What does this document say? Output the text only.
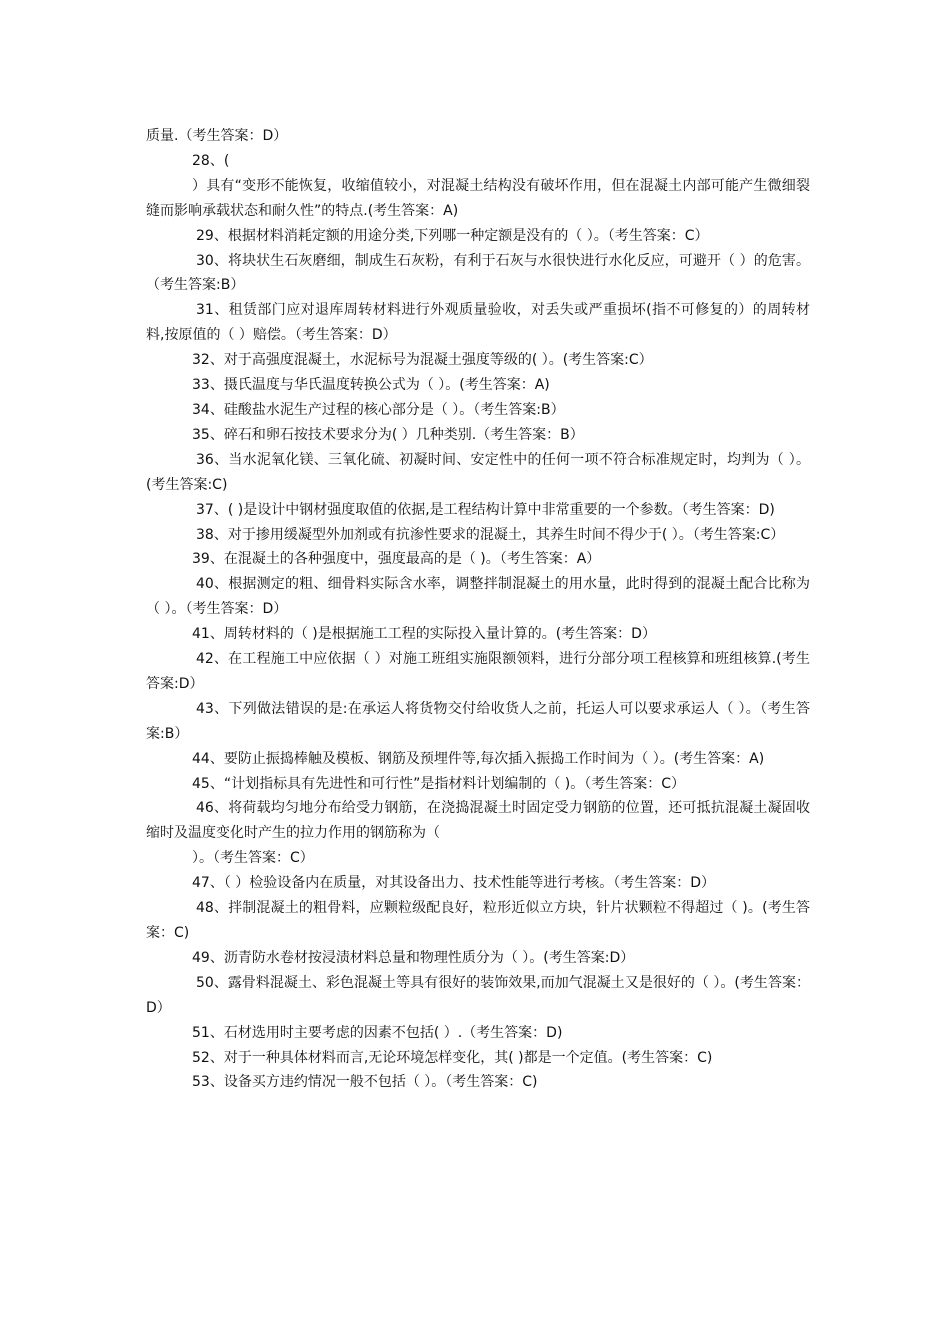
质量.（考生答案：D）

28、(

）具有“变形不能恢复，收缩值较小，对混凝土结构没有破坏作用，但在混凝土内部可能产生微细裂缝而影响承载状态和耐久性”的特点.(考生答案：A)

29、根据材料消耗定额的用途分类,下列哪一种定额是没有的（ ）。（考生答案：C）

30、将块状生石灰磨细，制成生石灰粉，有利于石灰与水很快进行水化反应，可避开（ ）的危害。（考生答案:B）

31、租赁部门应对退库周转材料进行外观质量验收，对丢失或严重损坏(指不可修复的）的周转材料,按原值的（ ）赔偿。（考生答案：D）

32、对于高强度混凝土，水泥标号为混凝土强度等级的( ）。(考生答案:C）

33、摄氏温度与华氏温度转换公式为（ ）。(考生答案：A)

34、硅酸盐水泥生产过程的核心部分是（ ）。（考生答案:B）

35、碎石和卵石按技术要求分为( ）几种类别.（考生答案：B）

36、当水泥氧化镁、三氧化硫、初凝时间、安定性中的任何一项不符合标准规定时，均判为（ ）。(考生答案:C)

37、( )是设计中钢材强度取值的依据,是工程结构计算中非常重要的一个参数。（考生答案：D)

38、对于掺用缓凝型外加剂或有抗渗性要求的混凝土，其养生时间不得少于( ）。（考生答案:C）

39、在混凝土的各种强度中，强度最高的是（ )。（考生答案：A）

40、根据测定的粗、细骨料实际含水率，调整拌制混凝土的用水量，此时得到的混凝土配合比称为（ ）。（考生答案：D）

41、周转材料的（ )是根据施工工程的实际投入量计算的。(考生答案：D）

42、在工程施工中应依据（ ）对施工班组实施限额领料，进行分部分项工程核算和班组核算.(考生答案:D）

43、下列做法错误的是:在承运人将货物交付给收货人之前，托运人可以要求承运人（ ）。（考生答案:B）

44、要防止振捣棒触及模板、钢筋及预埋件等,每次插入振捣工作时间为（ ）。(考生答案：A)

45、“计划指标具有先进性和可行性”是指材料计划编制的（ )。（考生答案：C）

46、将荷载均匀地分布给受力钢筋，在浇捣混凝土时固定受力钢筋的位置，还可抵抗混凝土凝固收缩时及温度变化时产生的拉力作用的钢筋称为（

）。（考生答案：C）

47、（ ）检验设备内在质量，对其设备出力、技术性能等进行考核。（考生答案：D）

48、拌制混凝土的粗骨料，应颗粒级配良好，粒形近似立方块，针片状颗粒不得超过（ )。(考生答案：C)

49、沥青防水卷材按浸渍材料总量和物理性质分为（ ）。(考生答案:D）

50、露骨料混凝土、彩色混凝土等具有很好的装饰效果,而加气混凝土又是很好的（ ）。(考生答案：D）

51、石材选用时主要考虑的因素不包括( ）.（考生答案：D)

52、对于一种具体材料而言,无论环境怎样变化，其( )都是一个定值。(考生答案：C)

53、设备买方违约情况一般不包括（ ）。（考生答案：C)
